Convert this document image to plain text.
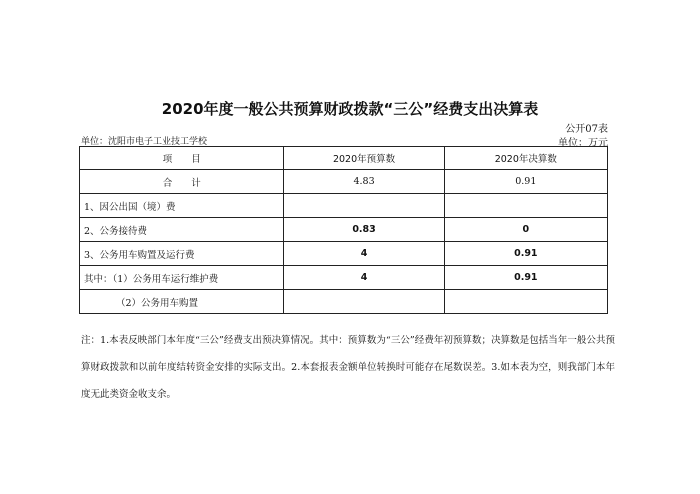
2020年度一般公共预算财政拨款“三公”经费支出决算表
公开07表
单位：沈阳市电子工业技工学校	单位：万元
项　　目	2020年预算数	2020年决算数
合　　计	4.83	0.91
1、因公出国（境）费		
2、公务接待费	0.83	0
3、公务用车购置及运行费	4	0.91
其中：（1）公务用车运行维护费	4	0.91
（2）公务用车购置		
注：1.本表反映部门本年度“三公”经费支出预决算情况。其中：预算数为“三公”经费年初预算数；决算数是包括当年一般公共预算财政拨款和以前年度结转资金安排的实际支出。2.本套报表金额单位转换时可能存在尾数误差。3.如本表为空，则我部门本年度无此类资金收支余。
